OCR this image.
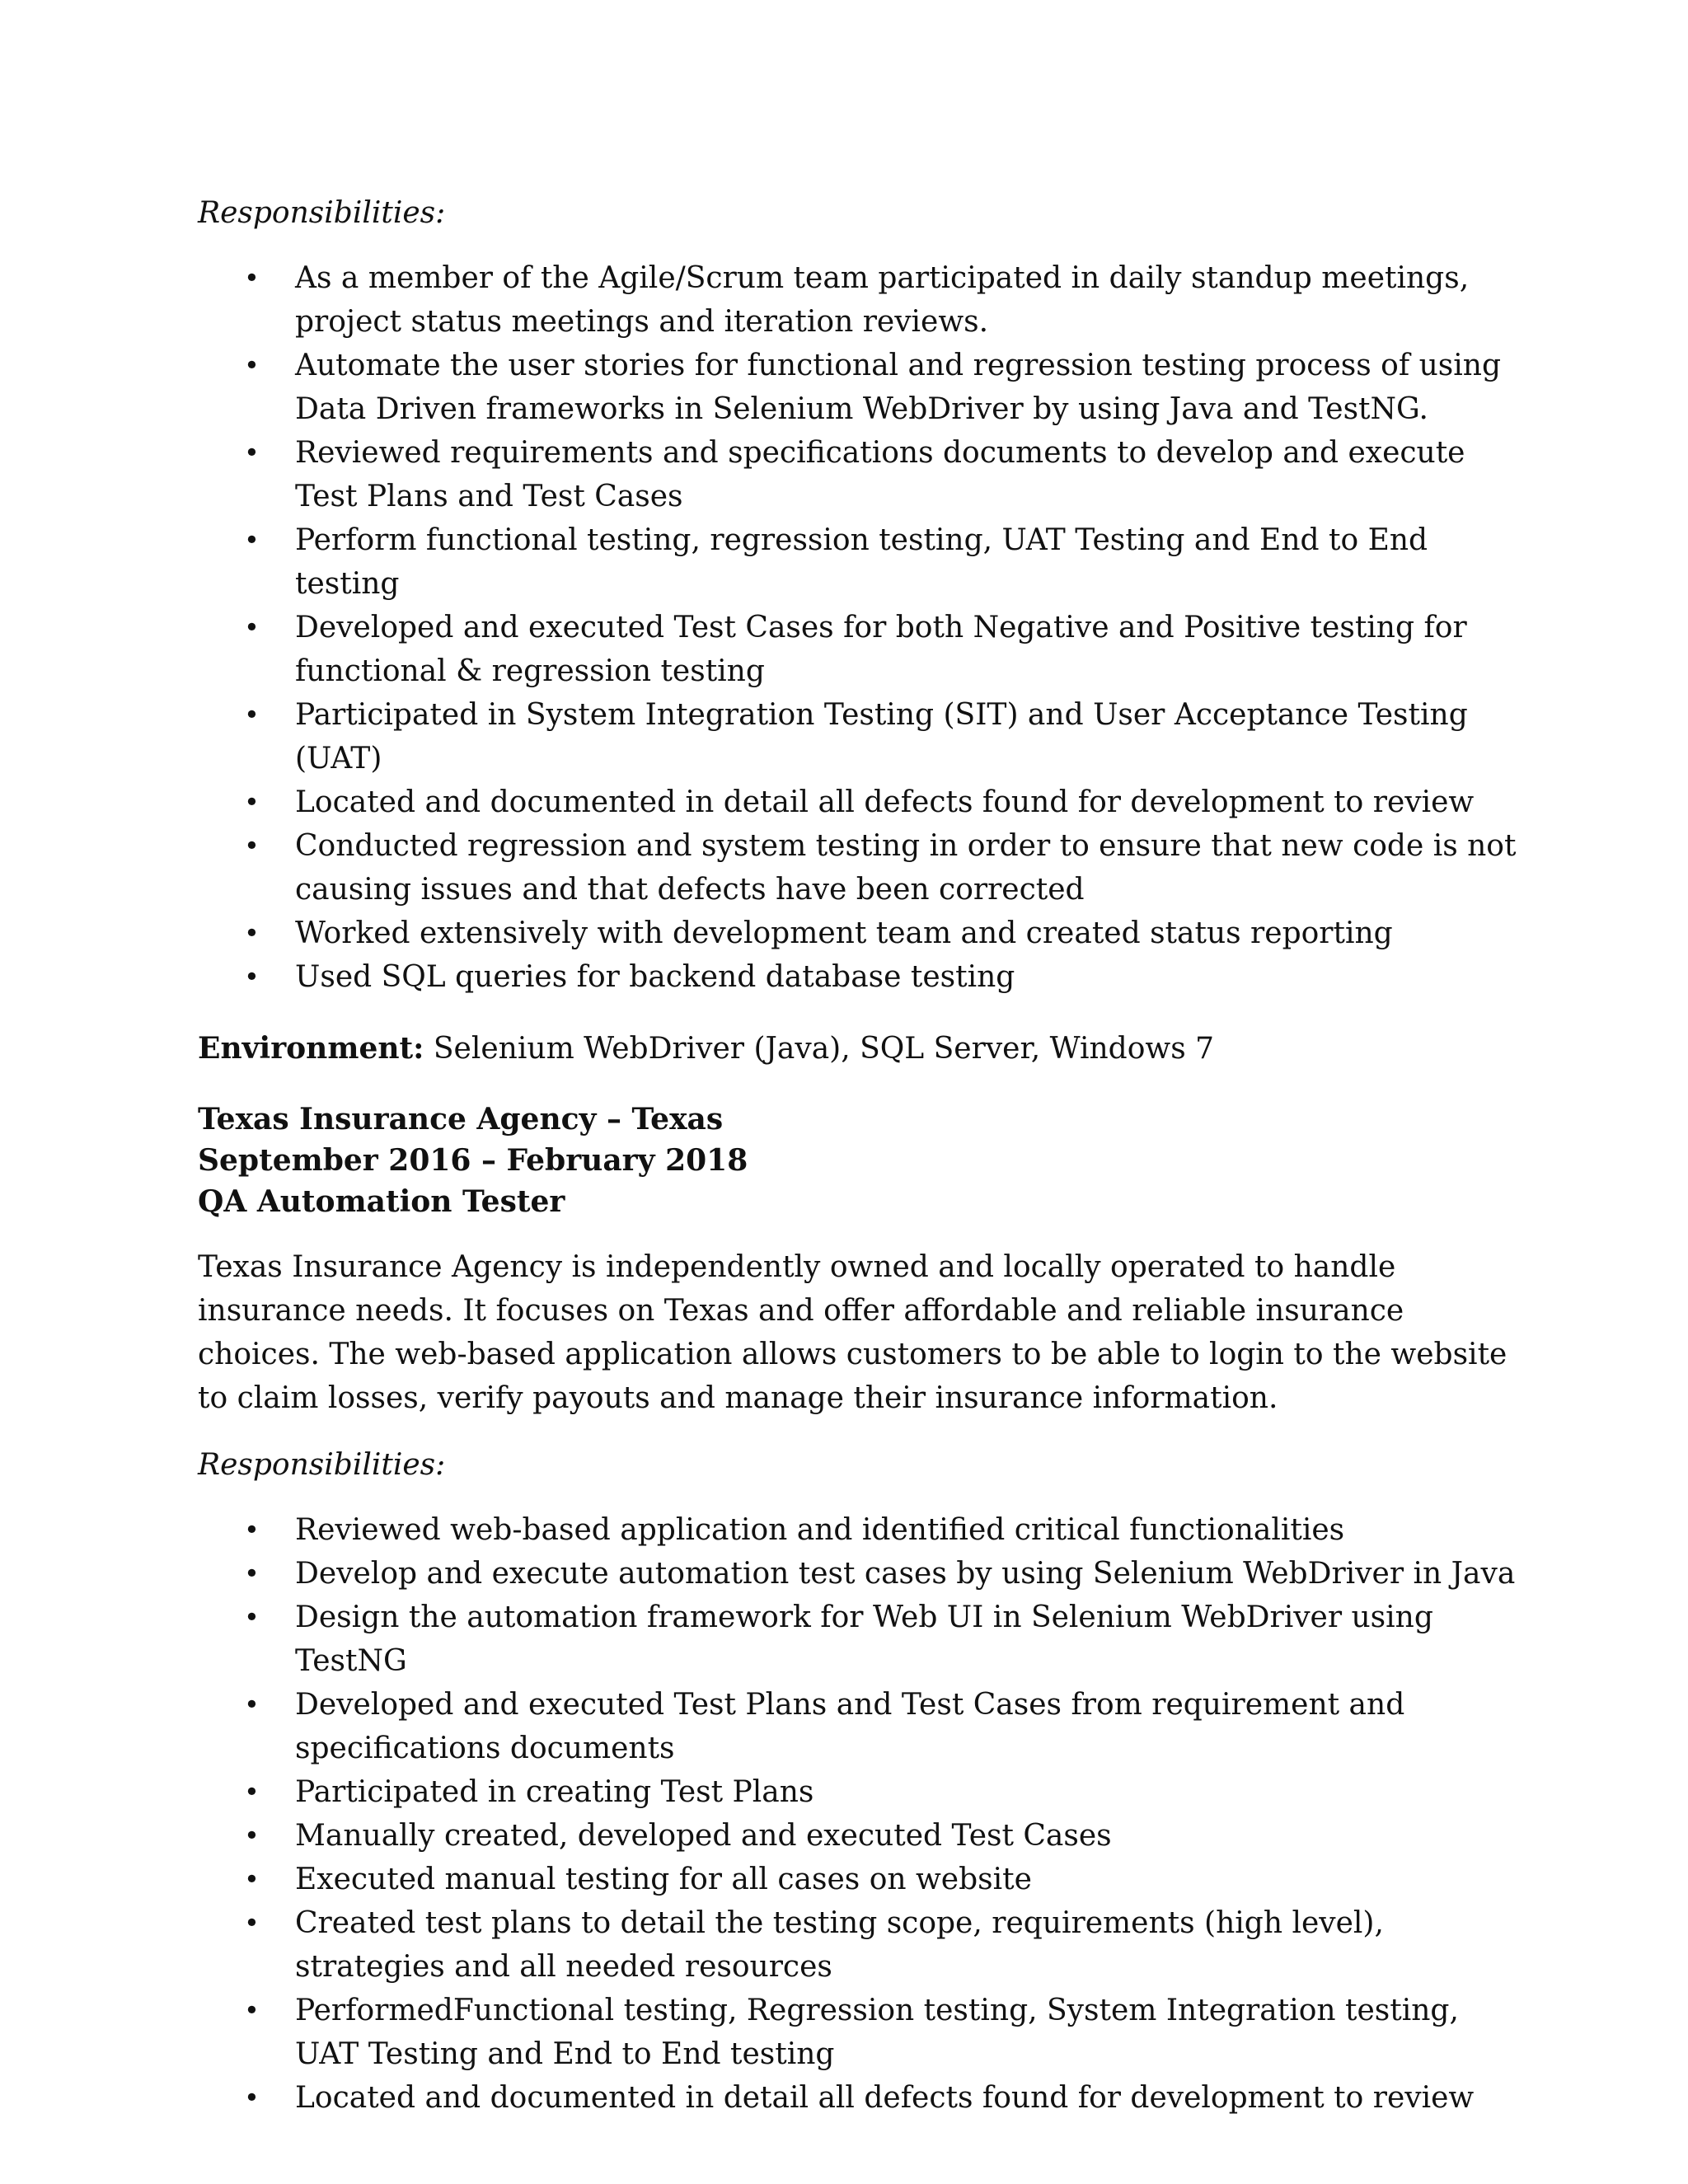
Responsibilities:
• As a member of the Agile/Scrum team participated in daily standup meetings, project status meetings and iteration reviews.
• Automate the user stories for functional and regression testing process of using Data Driven frameworks in Selenium WebDriver by using Java and TestNG.
• Reviewed requirements and specifications documents to develop and execute Test Plans and Test Cases
• Perform functional testing, regression testing, UAT Testing and End to End testing
• Developed and executed Test Cases for both Negative and Positive testing for functional & regression testing
• Participated in System Integration Testing (SIT) and User Acceptance Testing (UAT)
• Located and documented in detail all defects found for development to review
• Conducted regression and system testing in order to ensure that new code is not causing issues and that defects have been corrected
• Worked extensively with development team and created status reporting
• Used SQL queries for backend database testing
Environment: Selenium WebDriver (Java), SQL Server, Windows 7
Texas Insurance Agency – Texas
September 2016 – February 2018
QA Automation Tester
Texas Insurance Agency is independently owned and locally operated to handle insurance needs. It focuses on Texas and offer affordable and reliable insurance choices. The web-based application allows customers to be able to login to the website to claim losses, verify payouts and manage their insurance information.
Responsibilities:
• Reviewed web-based application and identified critical functionalities
• Develop and execute automation test cases by using Selenium WebDriver in Java
• Design the automation framework for Web UI in Selenium WebDriver using TestNG
• Developed and executed Test Plans and Test Cases from requirement and specifications documents
• Participated in creating Test Plans
• Manually created, developed and executed Test Cases
• Executed manual testing for all cases on website
• Created test plans to detail the testing scope, requirements (high level), strategies and all needed resources
• PerformedFunctional testing, Regression testing, System Integration testing, UAT Testing and End to End testing
• Located and documented in detail all defects found for development to review
